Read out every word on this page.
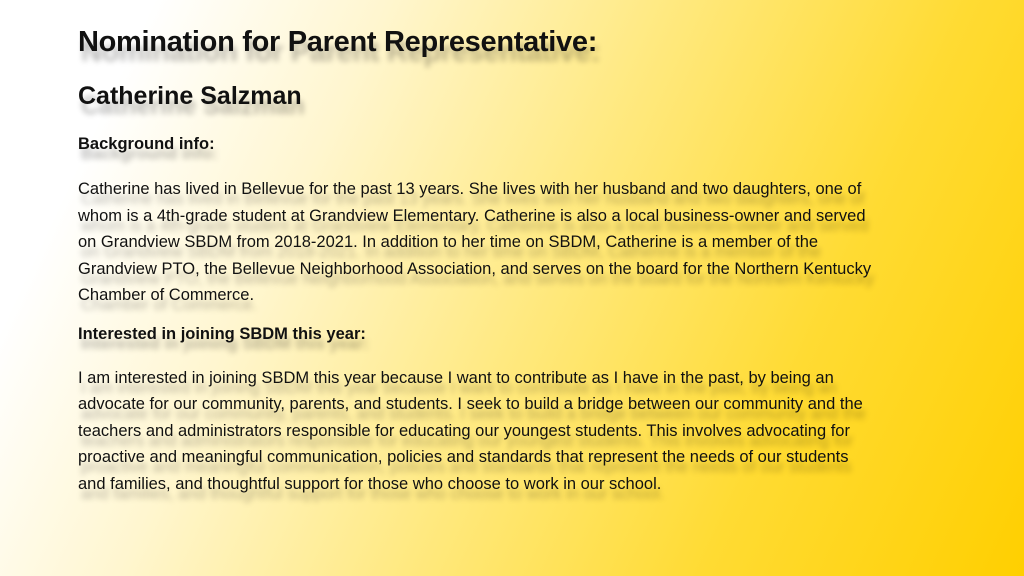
Nomination for Parent Representative:
Catherine Salzman
Background info:

Catherine has lived in Bellevue for the past 13 years. She lives with her husband and two daughters, one of whom is a 4th-grade student at Grandview Elementary. Catherine is also a local business-owner and served on Grandview SBDM from 2018-2021. In addition to her time on SBDM, Catherine is a member of the Grandview PTO, the Bellevue Neighborhood Association, and serves on the board for the Northern Kentucky Chamber of Commerce.

Interested in joining SBDM this year:

I am interested in joining SBDM this year because I want to contribute as I have in the past, by being an advocate for our community, parents, and students. I seek to build a bridge between our community and the teachers and administrators responsible for educating our youngest students. This involves advocating for proactive and meaningful communication, policies and standards that represent the needs of our students and families, and thoughtful support for those who choose to work in our school.
